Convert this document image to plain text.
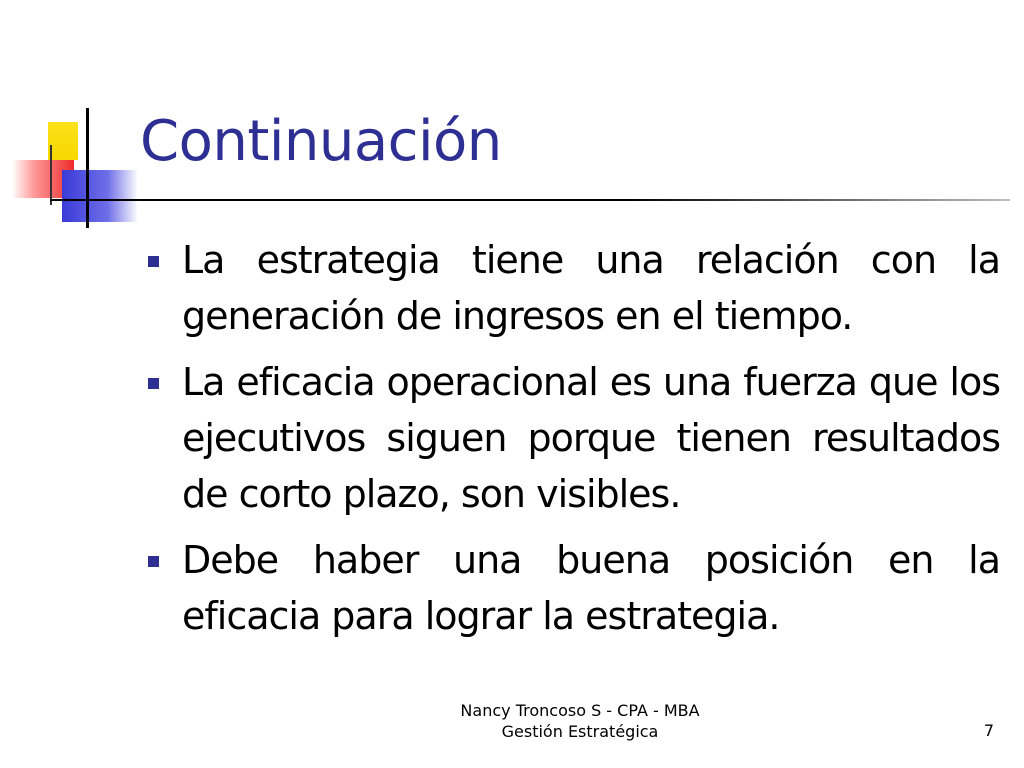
Continuación
La estrategia tiene una relación con la generación de ingresos en el tiempo.
La eficacia operacional es una fuerza que los ejecutivos siguen porque tienen resultados de corto plazo, son visibles.
Debe haber una buena posición en la eficacia para lograr la estrategia.
Nancy Troncoso S - CPA - MBA
Gestión Estratégica	7
